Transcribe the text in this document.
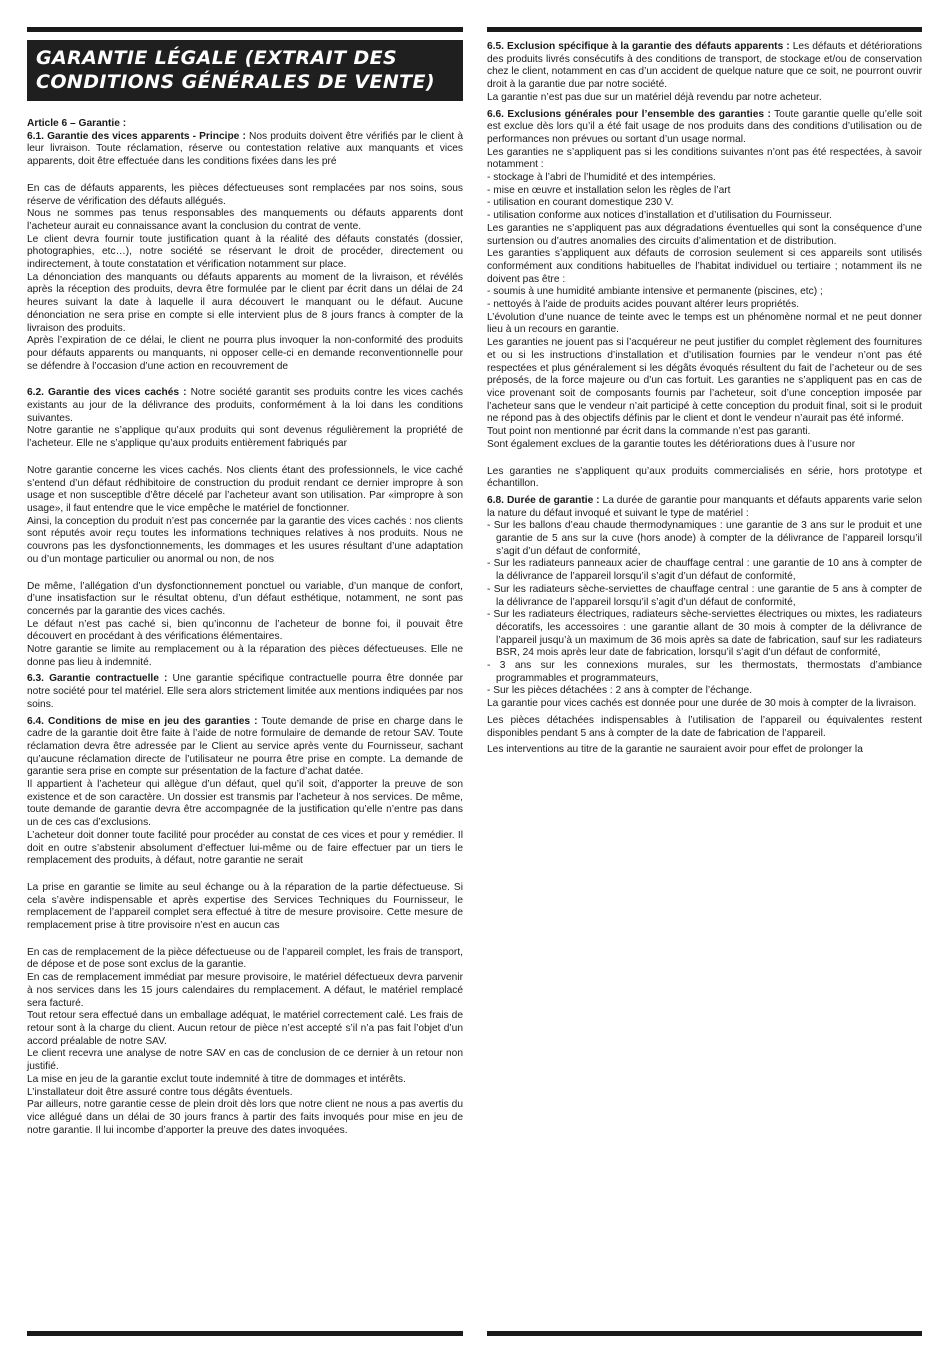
GARANTIE LÉGALE (EXTRAIT DES CONDITIONS GÉNÉRALES DE VENTE)

Article 6 – Garantie :

6.1. Garantie des vices apparents - Principe : Nos produits doivent être vérifiés par le client à leur livraison. Toute réclamation, réserve ou contestation relative aux manquants et vices apparents, doit être effectuée dans les conditions fixées dans les pré

En cas de défauts apparents, les pièces défectueuses sont remplacées par nos soins, sous réserve de vérification des défauts allégués.

Nous ne sommes pas tenus responsables des manquements ou défauts apparents dont l’acheteur aurait eu connaissance avant la conclusion du contrat de vente.

Le client devra fournir toute justification quant à la réalité des défauts constatés (dossier, photographies, etc…), notre société se réservant le droit de procéder, directement ou indirectement, à toute constatation et vérification notamment sur place.

La dénonciation des manquants ou défauts apparents au moment de la livraison, et révélés après la réception des produits, devra être formulée par le client par écrit dans un délai de 24 heures suivant la date à laquelle il aura découvert le manquant ou le défaut. Aucune dénonciation ne sera prise en compte si elle intervient plus de 8 jours francs à compter de la livraison des produits.

Après l’expiration de ce délai, le client ne pourra plus invoquer la non-conformité des produits pour défauts apparents ou manquants, ni opposer celle-ci en demande reconventionnelle pour se défendre à l’occasion d’une action en recouvrement de

6.2. Garantie des vices cachés : Notre société garantit ses produits contre les vices cachés existants au jour de la délivrance des produits, conformément à la loi dans les conditions suivantes.

Notre garantie ne s’applique qu’aux produits qui sont devenus régulièrement la propriété de l’acheteur. Elle ne s’applique qu’aux produits entièrement fabriqués par

Notre garantie concerne les vices cachés. Nos clients étant des professionnels, le vice caché s’entend d’un défaut rédhibitoire de construction du produit rendant ce dernier impropre à son usage et non susceptible d’être décelé par l’acheteur avant son utilisation. Par «impropre à son usage», il faut entendre que le vice empêche le matériel de fonctionner.

Ainsi, la conception du produit n’est pas concernée par la garantie des vices cachés : nos clients sont réputés avoir reçu toutes les informations techniques relatives à nos produits. Nous ne couvrons pas les dysfonctionnements, les dommages et les usures résultant d’une adaptation ou d’un montage particulier ou anormal ou non, de nos

De même, l’allégation d’un dysfonctionnement ponctuel ou variable, d’un manque de confort, d’une insatisfaction sur le résultat obtenu, d’un défaut esthétique, notamment, ne sont pas concernés par la garantie des vices cachés.

Le défaut n’est pas caché si, bien qu’inconnu de l’acheteur de bonne foi, il pouvait être découvert en procédant à des vérifications élémentaires.

Notre garantie se limite au remplacement ou à la réparation des pièces défectueuses. Elle ne donne pas lieu à indemnité.

6.3. Garantie contractuelle : Une garantie spécifique contractuelle pourra être donnée par notre société pour tel matériel. Elle sera alors strictement limitée aux mentions indiquées par nos soins.

6.4. Conditions de mise en jeu des garanties : Toute demande de prise en charge dans le cadre de la garantie doit être faite à l’aide de notre formulaire de demande de retour SAV. Toute réclamation devra être adressée par le Client au service après vente du Fournisseur, sachant qu’aucune réclamation directe de l’utilisateur ne pourra être prise en compte. La demande de garantie sera prise en compte sur présentation de la facture d’achat datée.

Il appartient à l’acheteur qui allègue d’un défaut, quel qu’il soit, d’apporter la preuve de son existence et de son caractère. Un dossier est transmis par l’acheteur à nos services. De même, toute demande de garantie devra être accompagnée de la justification qu’elle n’entre pas dans un de ces cas d’exclusions.

L’acheteur doit donner toute facilité pour procéder au constat de ces vices et pour y remédier. Il doit en outre s’abstenir absolument d’effectuer lui-même ou de faire effectuer par un tiers le remplacement des produits, à défaut, notre garantie ne serait

La prise en garantie se limite au seul échange ou à la réparation de la partie défectueuse. Si cela s’avère indispensable et après expertise des Services Techniques du Fournisseur, le remplacement de l’appareil complet sera effectué à titre de mesure provisoire. Cette mesure de remplacement prise à titre provisoire n’est en aucun cas

En cas de remplacement de la pièce défectueuse ou de l’appareil complet, les frais de transport, de dépose et de pose sont exclus de la garantie.

En cas de remplacement immédiat par mesure provisoire, le matériel défectueux devra parvenir à nos services dans les 15 jours calendaires du remplacement. A défaut, le matériel remplacé sera facturé.

Tout retour sera effectué dans un emballage adéquat, le matériel correctement calé. Les frais de retour sont à la charge du client. Aucun retour de pièce n’est accepté s’il n’a pas fait l’objet d’un accord préalable de notre SAV.

Le client recevra une analyse de notre SAV en cas de conclusion de ce dernier à un retour non justifié.

La mise en jeu de la garantie exclut toute indemnité à titre de dommages et intérêts.

L’installateur doit être assuré contre tous dégâts éventuels.

Par ailleurs, notre garantie cesse de plein droit dès lors que notre client ne nous a pas avertis du vice allégué dans un délai de 30 jours francs à partir des faits invoqués pour mise en jeu de notre garantie. Il lui incombe d’apporter la preuve des dates invoquées.

6.5. Exclusion spécifique à la garantie des défauts apparents : Les défauts et détériorations des produits livrés consécutifs à des conditions de transport, de stockage et/ou de conservation chez le client, notamment en cas d’un accident de quelque nature que ce soit, ne pourront ouvrir droit à la garantie due par notre société.

La garantie n’est pas due sur un matériel déjà revendu par notre acheteur.

6.6. Exclusions générales pour l’ensemble des garanties : Toute garantie quelle qu’elle soit est exclue dès lors qu’il a été fait usage de nos produits dans des conditions d’utilisation ou de performances non prévues ou sortant d’un usage normal.

Les garanties ne s’appliquent pas si les conditions suivantes n’ont pas été respectées, à savoir notamment :

- stockage à l’abri de l’humidité et des intempéries.
- mise en œuvre et installation selon les règles de l’art
- utilisation en courant domestique 230 V.
- utilisation conforme aux notices d’installation et d’utilisation du Fournisseur.

Les garanties ne s’appliquent pas aux dégradations éventuelles qui sont la conséquence d’une surtension ou d’autres anomalies des circuits d’alimentation et de distribution.

Les garanties s’appliquent aux défauts de corrosion seulement si ces appareils sont utilisés conformément aux conditions habituelles de l’habitat individuel ou tertiaire ; notamment ils ne doivent pas être :

- soumis à une humidité ambiante intensive et permanente (piscines, etc) ;
- nettoyés à l’aide de produits acides pouvant altérer leurs propriétés.

L’évolution d’une nuance de teinte avec le temps est un phénomène normal et ne peut donner lieu à un recours en garantie.

Les garanties ne jouent pas si l’acquéreur ne peut justifier du complet règlement des fournitures et ou si les instructions d’installation et d’utilisation fournies par le vendeur n’ont pas été respectées et plus généralement si les dégâts évoqués résultent du fait de l’acheteur ou de ses préposés, de la force majeure ou d’un cas fortuit. Les garanties ne s’appliquent pas en cas de vice provenant soit de composants fournis par l’acheteur, soit d’une conception imposée par l’acheteur sans que le vendeur n’ait participé à cette conception du produit final, soit si le produit ne répond pas à des objectifs définis par le client et dont le vendeur n’aurait pas été informé.

Tout point non mentionné par écrit dans la commande n’est pas garanti.

Sont également exclues de la garantie toutes les détériorations dues à l’usure nor

Les garanties ne s’appliquent qu’aux produits commercialisés en série, hors prototype et échantillon.

6.8. Durée de garantie : La durée de garantie pour manquants et défauts apparents varie selon la nature du défaut invoqué et suivant le type de matériel :

- Sur les ballons d’eau chaude thermodynamiques : une garantie de 3 ans sur le produit et une garantie de 5 ans sur la cuve (hors anode) à compter de la délivrance de l’appareil lorsqu’il s’agit d’un défaut de conformité,
- Sur les radiateurs panneaux acier de chauffage central : une garantie de 10 ans à compter de la délivrance de l’appareil lorsqu’il s’agit d’un défaut de conformité,
- Sur les radiateurs sèche-serviettes de chauffage central : une garantie de 5 ans à compter de la délivrance de l’appareil lorsqu’il s’agit d’un défaut de conformité,
- Sur les radiateurs électriques, radiateurs sèche-serviettes électriques ou mixtes, les radiateurs décoratifs, les accessoires : une garantie allant de 30 mois à compter de la délivrance de l’appareil jusqu’à un maximum de 36 mois après sa date de fabrication, sauf sur les radiateurs BSR, 24 mois après leur date de fabrication, lorsqu’il s’agit d’un défaut de conformité,
- 3 ans sur les connexions murales, sur les thermostats, thermostats d’ambiance programmables et programmateurs,
- Sur les pièces détachées : 2 ans à compter de l’échange.

La garantie pour vices cachés est donnée pour une durée de 30 mois à compter de la livraison.

Les pièces détachées indispensables à l’utilisation de l’appareil ou équivalentes restent disponibles pendant 5 ans à compter de la date de fabrication de l’appareil.

Les interventions au titre de la garantie ne sauraient avoir pour effet de prolonger la
